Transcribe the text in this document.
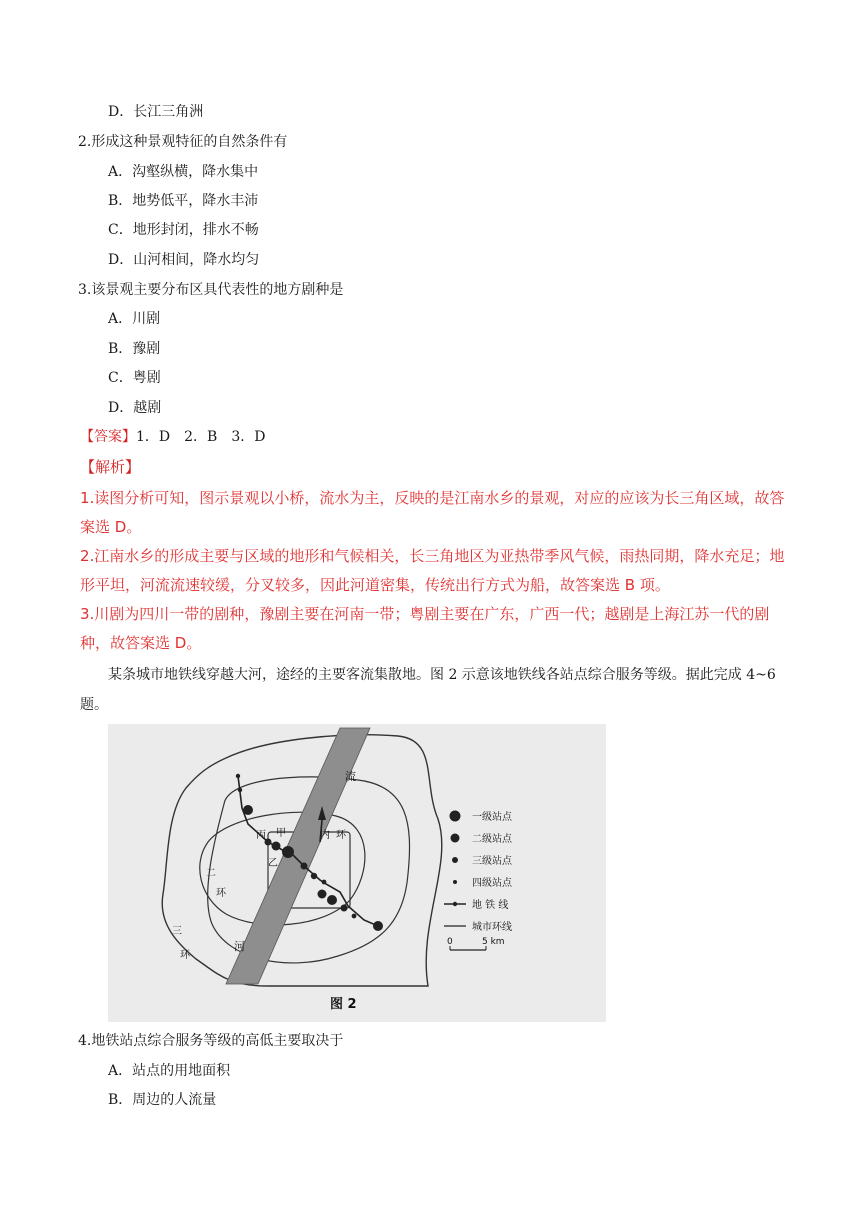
D．长江三角洲
2.形成这种景观特征的自然条件有
A．沟壑纵横，降水集中
B．地势低平，降水丰沛
C．地形封闭，排水不畅
D．山河相间，降水均匀
3.该景观主要分布区具代表性的地方剧种是
A．川剧
B．豫剧
C．粤剧
D．越剧
【答案】1．D　2．B　3．D
【解析】
1.读图分析可知，图示景观以小桥，流水为主，反映的是江南水乡的景观，对应的应该为长三角区域，故答案选 D。
2.江南水乡的形成主要与区域的地形和气候相关，长三角地区为亚热带季风气候，雨热同期，降水充足；地形平坦，河流流速较缓，分叉较多，因此河道密集，传统出行方式为船，故答案选 B 项。
3.川剧为四川一带的剧种，豫剧主要在河南一带；粤剧主要在广东，广西一代；越剧是上海江苏一代的剧种，故答案选 D。
某条城市地铁线穿越大河，途经的主要客流集散地。图 2 示意该地铁线各站点综合服务等级。据此完成 4~6 题。
流
河
二
环
三
环
内 环
丙 甲
乙
一级站点
二级站点
三级站点
四级站点
地 铁 线
城市环线
0	5 km
图 2
4.地铁站点综合服务等级的高低主要取决于
A．站点的用地面积
B．周边的人流量
